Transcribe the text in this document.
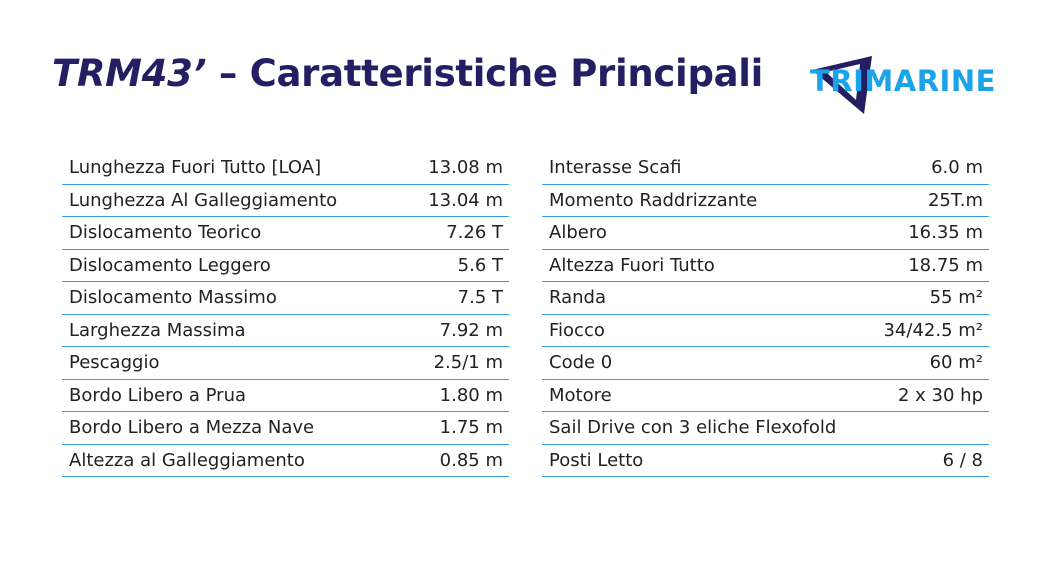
TRM43’ – Caratteristiche Principali TRIMARINE
Lunghezza Fuori Tutto [LOA]	13.08 m
Lunghezza Al Galleggiamento	13.04 m
Dislocamento Teorico	7.26 T
Dislocamento Leggero	5.6 T
Dislocamento Massimo	7.5 T
Larghezza Massima	7.92 m
Pescaggio	2.5/1 m
Bordo Libero a Prua	1.80 m
Bordo Libero a Mezza Nave	1.75 m
Altezza al Galleggiamento	0.85 m
Interasse Scafi	6.0 m
Momento Raddrizzante	25T.m
Albero	16.35 m
Altezza Fuori Tutto	18.75 m
Randa	55 m²
Fiocco	34/42.5 m²
Code 0	60 m²
Motore	2 x 30 hp
Sail Drive con 3 eliche Flexofold
Posti Letto	6 / 8
